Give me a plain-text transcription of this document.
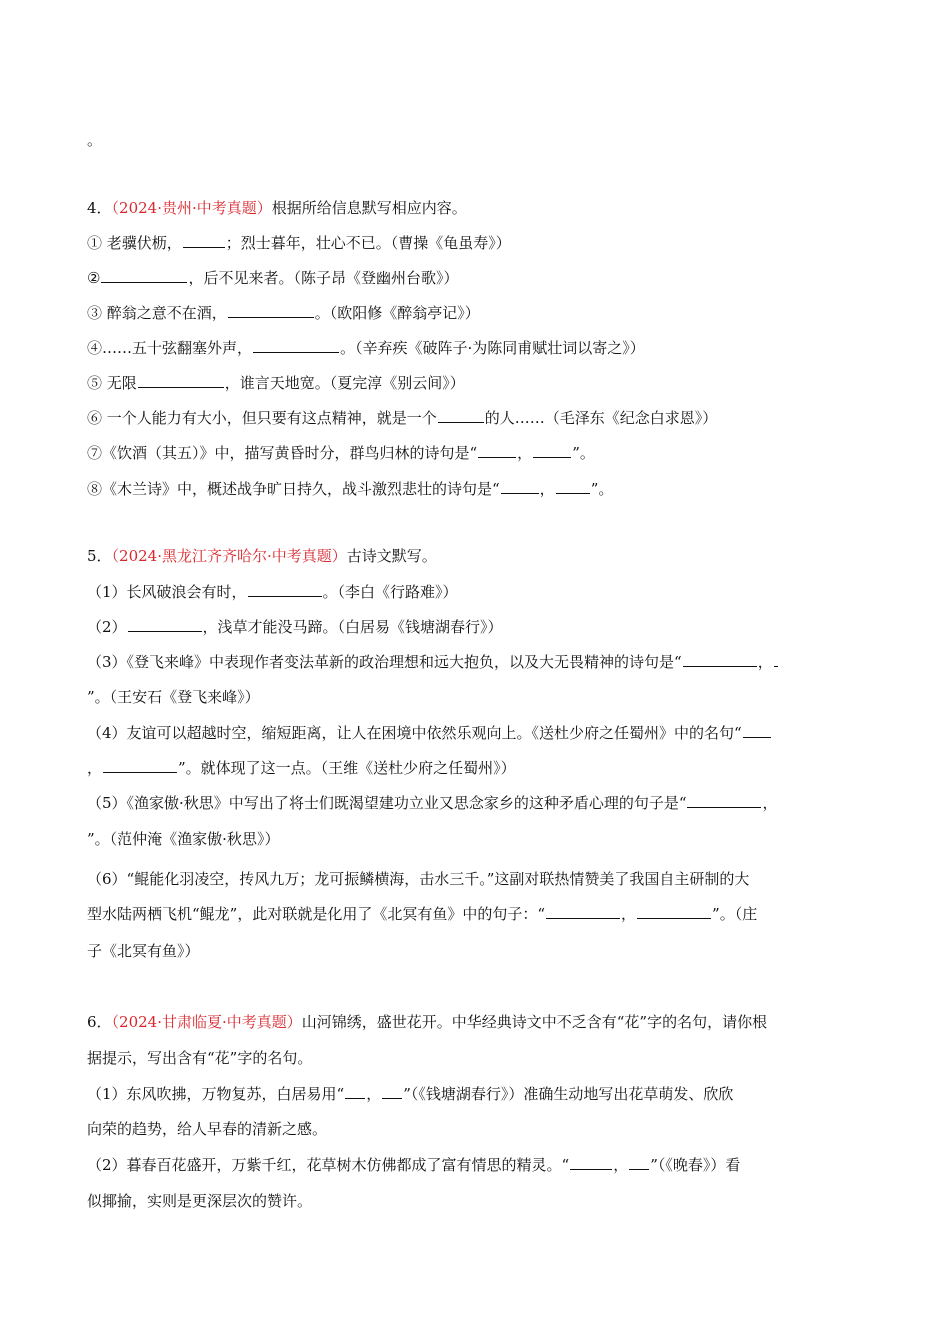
。
4．（2024·贵州·中考真题）根据所给信息默写相应内容。
① 老骥伏枥，	；烈士暮年，壮心不已。（曹操《龟虽寿》）
②	，后不见来者。（陈子昂《登幽州台歌》）
③ 醉翁之意不在酒，	。（欧阳修《醉翁亭记》）
④……五十弦翻塞外声，	。（辛弃疾《破阵子·为陈同甫赋壮词以寄之》）
⑤ 无限	，谁言天地宽。（夏完淳《别云间》）
⑥ 一个人能力有大小，但只要有这点精神，就是一个	的人……（毛泽东《纪念白求恩》）
⑦《饮酒（其五）》中，描写黄昏时分，群鸟归林的诗句是“	，	”。
⑧《木兰诗》中，概述战争旷日持久，战斗激烈悲壮的诗句是“	， ”。
5．（2024·黑龙江齐齐哈尔·中考真题）古诗文默写。
（1）长风破浪会有时，	。（李白《行路难》）
（2）	，浅草才能没马蹄。（白居易《钱塘湖春行》）
（3）《登飞来峰》中表现作者变法革新的政治理想和远大抱负，以及大无畏精神的诗句是“	，
”。（王安石《登飞来峰》）
（4）友谊可以超越时空，缩短距离，让人在困境中依然乐观向上。《送杜少府之任蜀州》中的名句“
，	”。就体现了这一点。（王维《送杜少府之任蜀州》）
（5）《渔家傲·秋思》中写出了将士们既渴望建功立业又思念家乡的这种矛盾心理的句子是“	，
”。（范仲淹《渔家傲·秋思》）
（6）“鲲能化羽凌空，抟风九万；龙可振鳞横海，击水三千。”这副对联热情赞美了我国自主研制的大
型水陆两栖飞机“鲲龙”，此对联就是化用了《北冥有鱼》中的句子：“	，	”。（庄
子《北冥有鱼》）
6．（2024·甘肃临夏·中考真题）山河锦绣，盛世花开。中华经典诗文中不乏含有“花”字的名句，请你根
据提示，写出含有“花”字的名句。
（1）东风吹拂，万物复苏，白居易用“ ， ”（《钱塘湖春行》）准确生动地写出花草萌发、欣欣
向荣的趋势，给人早春的清新之感。
（2）暮春百花盛开，万紫千红，花草树木仿佛都成了富有情思的精灵。“	， ”（《晚春》）看
似揶揄，实则是更深层次的赞许。
